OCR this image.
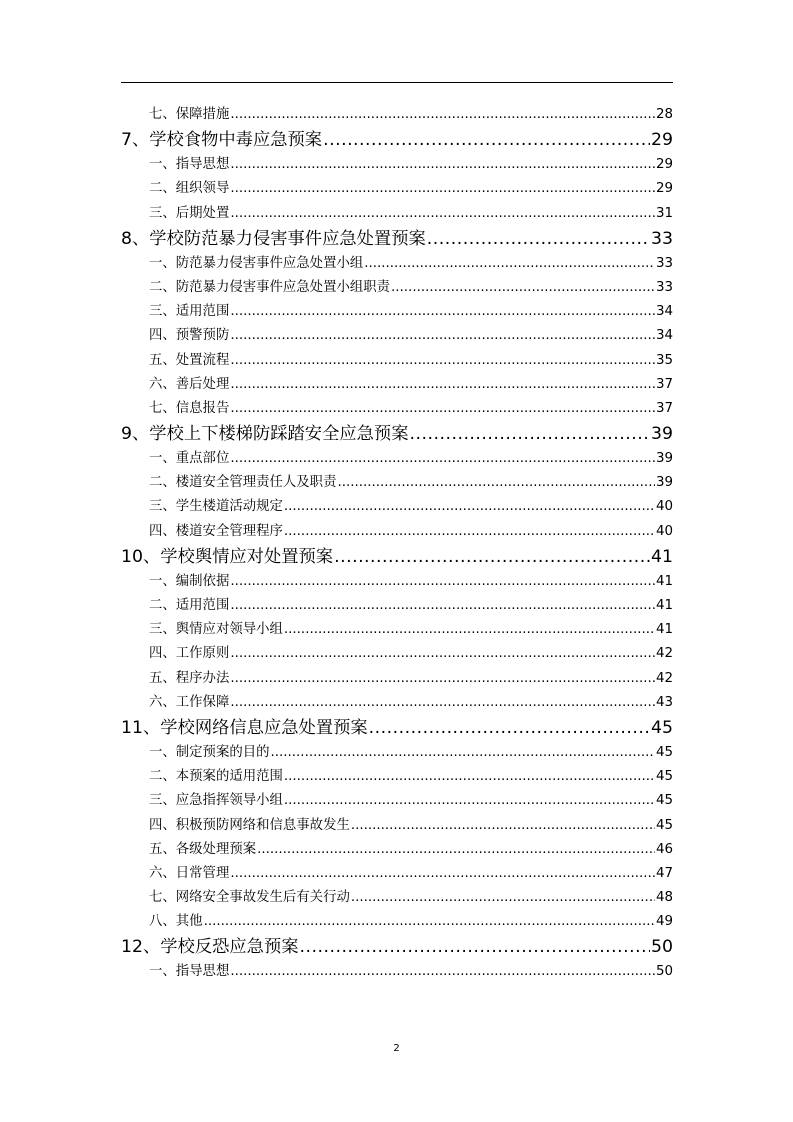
七、保障措施 .....	28
7、学校食物中毒应急预案 .....	29
一、指导思想 .....	29
二、组织领导 .....	29
三、后期处置 .....	31
8、学校防范暴力侵害事件应急处置预案 .....	33
一、防范暴力侵害事件应急处置小组 .....	33
二、防范暴力侵害事件应急处置小组职责 .....	33
三、适用范围 .....	34
四、预警预防 .....	34
五、处置流程 .....	35
六、善后处理 .....	37
七、信息报告 .....	37
9、学校上下楼梯防踩踏安全应急预案 .....	39
一、重点部位 .....	39
二、楼道安全管理责任人及职责 .....	39
三、学生楼道活动规定 .....	40
四、楼道安全管理程序 .....	40
10、学校舆情应对处置预案 .....	41
一、编制依据 .....	41
二、适用范围 .....	41
三、舆情应对领导小组 .....	41
四、工作原则 .....	42
五、程序办法 .....	42
六、工作保障 .....	43
11、学校网络信息应急处置预案 .....	45
一、制定预案的目的 .....	45
二、本预案的适用范围 .....	45
三、应急指挥领导小组 .....	45
四、积极预防网络和信息事故发生 .....	45
五、各级处理预案 .....	46
六、日常管理 .....	47
七、网络安全事故发生后有关行动 .....	48
八、其他 .....	49
12、学校反恐应急预案 .....	50
一、指导思想 .....	50
2
